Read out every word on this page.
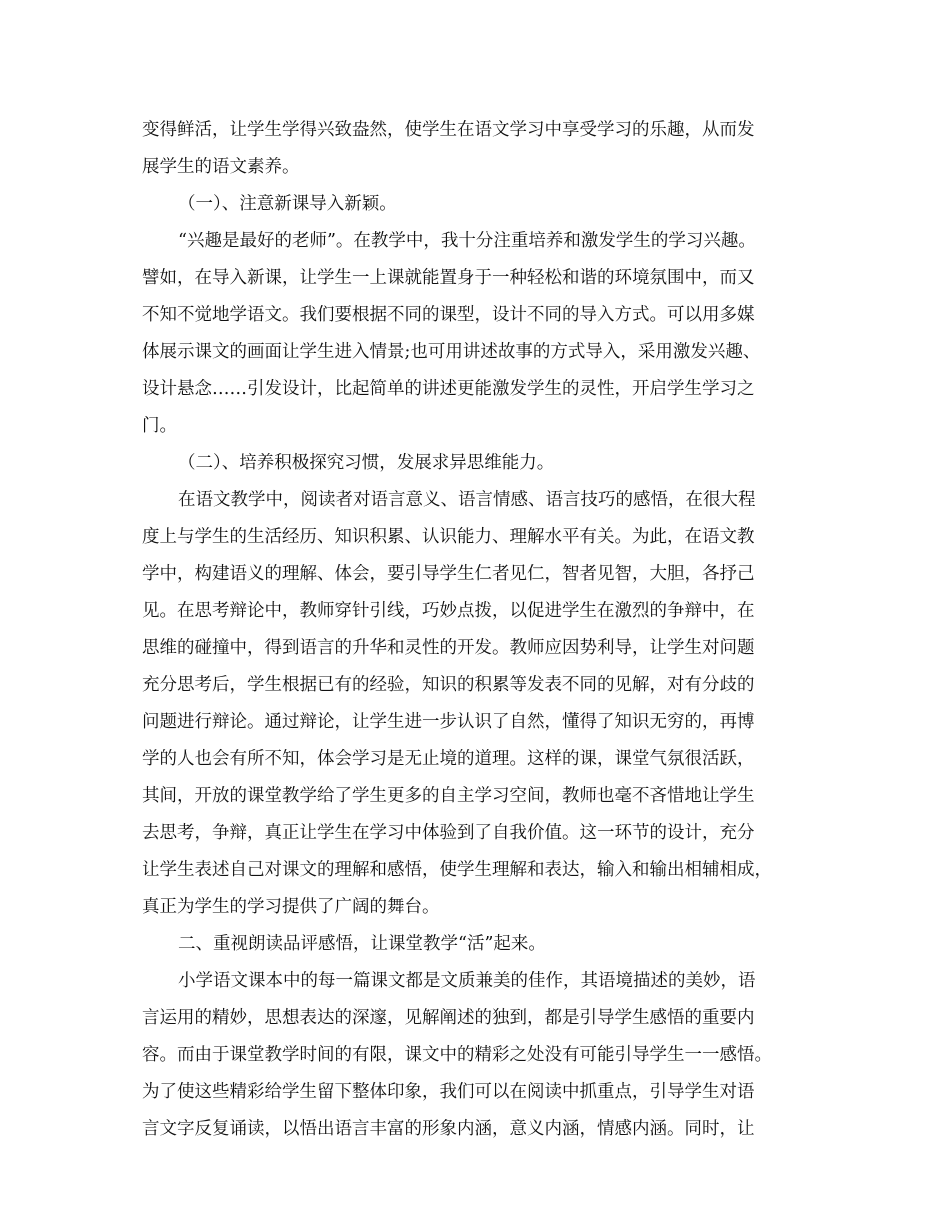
变得鲜活，让学生学得兴致盎然，使学生在语文学习中享受学习的乐趣，从而发
展学生的语文素养。
（一）、注意新课导入新颖。
“兴趣是最好的老师”。在教学中，我十分注重培养和激发学生的学习兴趣。
譬如，在导入新课，让学生一上课就能置身于一种轻松和谐的环境氛围中，而又
不知不觉地学语文。我们要根据不同的课型，设计不同的导入方式。可以用多媒
体展示课文的画面让学生进入情景;也可用讲述故事的方式导入，采用激发兴趣、
设计悬念……引发设计，比起简单的讲述更能激发学生的灵性，开启学生学习之
门。
（二）、培养积极探究习惯，发展求异思维能力。
在语文教学中，阅读者对语言意义、语言情感、语言技巧的感悟，在很大程
度上与学生的生活经历、知识积累、认识能力、理解水平有关。为此，在语文教
学中，构建语义的理解、体会，要引导学生仁者见仁，智者见智，大胆，各抒己
见。在思考辩论中，教师穿针引线，巧妙点拨，以促进学生在激烈的争辩中，在
思维的碰撞中，得到语言的升华和灵性的开发。教师应因势利导，让学生对问题
充分思考后，学生根据已有的经验，知识的积累等发表不同的见解，对有分歧的
问题进行辩论。通过辩论，让学生进一步认识了自然，懂得了知识无穷的，再博
学的人也会有所不知，体会学习是无止境的道理。这样的课，课堂气氛很活跃，
其间，开放的课堂教学给了学生更多的自主学习空间，教师也毫不吝惜地让学生
去思考，争辩，真正让学生在学习中体验到了自我价值。这一环节的设计，充分
让学生表述自己对课文的理解和感悟，使学生理解和表达，输入和输出相辅相成，
真正为学生的学习提供了广阔的舞台。
二、重视朗读品评感悟，让课堂教学“活”起来。
小学语文课本中的每一篇课文都是文质兼美的佳作，其语境描述的美妙，语
言运用的精妙，思想表达的深邃，见解阐述的独到，都是引导学生感悟的重要内
容。而由于课堂教学时间的有限，课文中的精彩之处没有可能引导学生一一感悟。
为了使这些精彩给学生留下整体印象，我们可以在阅读中抓重点，引导学生对语
言文字反复诵读，以悟出语言丰富的形象内涵，意义内涵，情感内涵。同时，让
